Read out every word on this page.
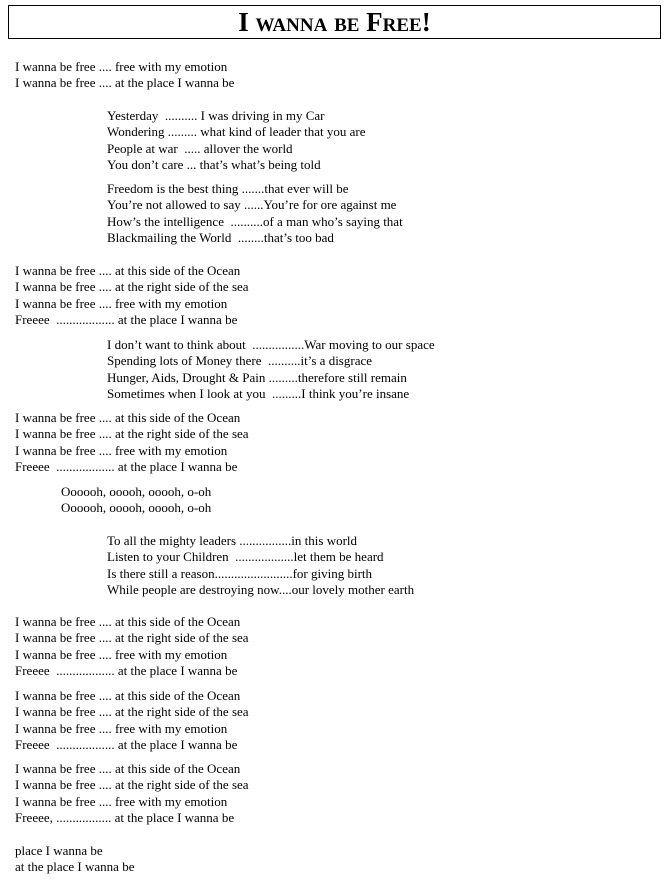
I wanna be Free!
I wanna be free .... free with my emotion
I wanna be free .... at the place I wanna be
Yesterday  .......... I was driving in my Car
Wondering ......... what kind of leader that you are
People at war  ..... allover the world
You don’t care ... that’s what’s being told
Freedom is the best thing .......that ever will be
You’re not allowed to say ......You’re for ore against me
How’s the intelligence  ..........of a man who’s saying that
Blackmailing the World  ........that’s too bad
I wanna be free .... at this side of the Ocean
I wanna be free .... at the right side of the sea
I wanna be free .... free with my emotion
Freeee  .................. at the place I wanna be
I don’t want to think about  ................War moving to our space
Spending lots of Money there  ..........it’s a disgrace
Hunger, Aids, Drought & Pain .........therefore still remain
Sometimes when I look at you  .........I think you’re insane
I wanna be free .... at this side of the Ocean
I wanna be free .... at the right side of the sea
I wanna be free .... free with my emotion
Freeee  .................. at the place I wanna be
Oooooh, ooooh, ooooh, o-oh
Oooooh, ooooh, ooooh, o-oh
To all the mighty leaders ................in this world
Listen to your Children  ..................let them be heard
Is there still a reason........................for giving birth
While people are destroying now....our lovely mother earth
I wanna be free .... at this side of the Ocean
I wanna be free .... at the right side of the sea
I wanna be free .... free with my emotion
Freeee  .................. at the place I wanna be
I wanna be free .... at this side of the Ocean
I wanna be free .... at the right side of the sea
I wanna be free .... free with my emotion
Freeee  .................. at the place I wanna be
I wanna be free .... at this side of the Ocean
I wanna be free .... at the right side of the sea
I wanna be free .... free with my emotion
Freeee, ................. at the place I wanna be
place I wanna be
at the place I wanna be
